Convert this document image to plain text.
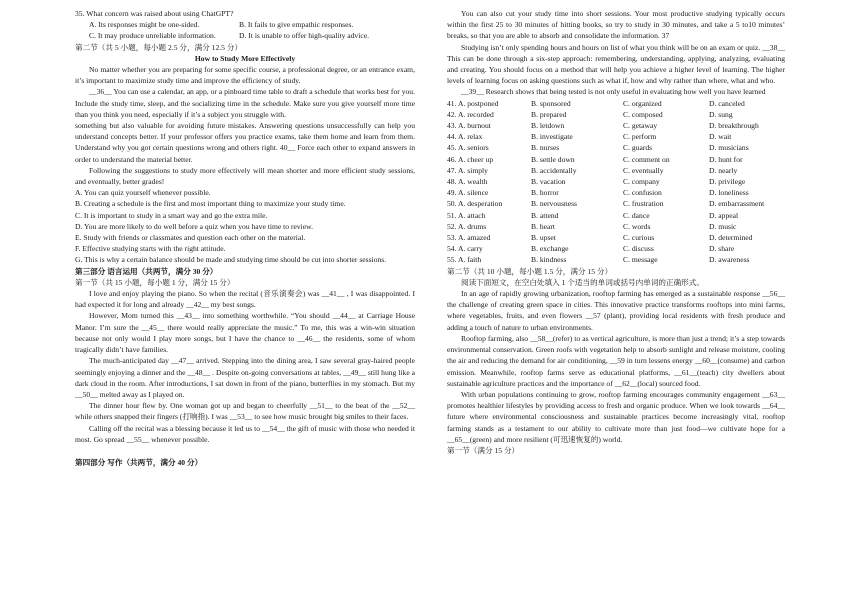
35. What concern was raised about using ChatGPT?

A. Its responses might be one-sided.	B. It fails to give empathic responses.
C. It may produce unreliable information.	D. It is unable to offer high-quality advice.

第二节（共 5 小题，每小题 2.5 分，满分 12.5 分）

How to Study More Effectively

No matter whether you are preparing for some specific course, a professional degree, or an entrance exam, it’s important to maximize study time and improve the efficiency of study.

__36__ You can use a calendar, an app, or a pinboard time table to draft a schedule that works best for you. Include the study time, sleep, and the socializing time in the schedule. Make sure you give yourself more time than you think you need, especially if it’s a subject you struggle with.

something but also valuable for avoiding future mistakes. Answering questions unsuccessfully can help you understand concepts better. If your professor offers you practice exams, take them home and learn from them. Understand why you got certain questions wrong and others right. 40__ Force each other to expand answers in order to understand the material better.

Following the suggestions to study more effectively will mean shorter and more efficient study sessions, and eventually, better grades!

A. You can quiz yourself whenever possible.

B. Creating a schedule is the first and most important thing to maximize your study time.

C. It is important to study in a smart way and go the extra mile.

D. You are more likely to do well before a quiz when you have time to review.

E. Study with friends or classmates and question each other on the material.

F. Effective studying starts with the right attitude.

G. This is why a certain balance should be made and studying time should be cut into shorter sessions.

第三部分 语言运用（共两节，满分 30 分）

第一节（共 15 小题，每小题 1 分，满分 15 分）

I love and enjoy playing the piano. So when the recital (音乐演奏会) was __41__ , I was disappointed. I had expected it for long and already __42__ my best songs.

However, Mom turned this __43__ into something worthwhile. “You should __44__ at Carriage House Manor. I’m sure the __45__ there would really appreciate the music.” To me, this was a win-win situation because not only would I play more songs, but I have the chance to __46__ the residents, some of whom tragically didn’t have families.

The much-anticipated day __47__ arrived. Stepping into the dining area, I saw several gray-haired people seemingly enjoying a dinner and the __48__ . Despite on-going conversations at tables, __49__ still hung like a dark cloud in the room. After introductions, I sat down in front of the piano, butterflies in my stomach. But my __50__ melted away as I played on.

The dinner hour flew by. One woman got up and began to cheerfully __51__ to the beat of the __52__ while others snapped their fingers (打响指). I was __53__ to see how music brought big smiles to their faces.

Calling off the recital was a blessing because it led us to __54__ the gift of music with those who needed it most. Go spread __55__ whenever possible.

第四部分 写作（共两节，满分 40 分）

You can also cut your study time into short sessions. Your most productive studying typically occurs within the first 25 to 30 minutes of hitting books, so try to study in 30 minutes, and take a 5 to10 minutes’ breaks, so that you are able to absorb and consolidate the information. 37

Studying isn’t only spending hours and hours on list of what you think will be on an exam or quiz. __38__ This can be done through a six-step approach: remembering, understanding, applying, analyzing, evaluating and creating. You should focus on a method that will help you achieve a higher level of learning. The higher levels of learning focus on asking questions such as what if, how and why rather than where, what and who.

__39__ Research shows that being tested is not only useful in evaluating how well you have learned

41. A. postponed	B. sponsored	C. organized	D. canceled
42. A. recorded	B. prepared	C. composed	D. sung
43. A. burnout	B. letdown	C. getaway	D. breakthrough
44. A. relax	B. investigate	C. perform	D. wait
45. A. seniors	B. nurses	C. guards	D. musicians
46. A. cheer up	B. settle down	C. comment on	D. hunt for
47. A. simply	B. accidentally	C. eventually	D. nearly
48. A. wealth	B. vacation	C. company	D. privilege
49. A. silence	B. horror	C. confusion	D. loneliness
50. A. desperation	B. nervousness	C. frustration	D. embarrassment
51. A. attach	B. attend	C. dance	D. appeal
52. A. drums	B. heart	C. words	D. music
53. A. amazed	B. upset	C. curious	D. determined
54. A. carry	B. exchange	C. discuss	D. share
55. A. faith	B. kindness	C. message	D. awareness

第二节（共 10 小题，每小题 1.5 分，满分 15 分）

阅读下面短文，在空白处填入 1 个适当的单词或括号内单词的正确形式。

In an age of rapidly growing urbanization, rooftop farming has emerged as a sustainable response __56__ the challenge of creating green space in cities. This innovative practice transforms rooftops into mini farms, where vegetables, fruits, and even flowers __57 (plant), providing local residents with fresh produce and adding a touch of nature to urban environments.

Rooftop farming, also __58__(refer) to as vertical agriculture, is more than just a trend; it’s a step towards environmental conservation. Green roofs with vegetation help to absorb sunlight and release moisture, cooling the air and reducing the demand for air conditioning, __59 in turn lessens energy __60__(consume) and carbon emission. Meanwhile, rooftop farms serve as educational platforms, __61__(teach) city dwellers about sustainable agriculture practices and the importance of __62__(local) sourced food.

With urban populations continuing to grow, rooftop farming encourages community engagement __63__ promotes healthier lifestyles by providing access to fresh and organic produce. When we look towards __64__ future where environmental consciousness and sustainable practices become increasingly vital, rooftop farming stands as a testament to our ability to cultivate more than just food—we cultivate hope for a __65__(green) and more resilient (可迅速恢复的) world.

第一节（满分 15 分）
